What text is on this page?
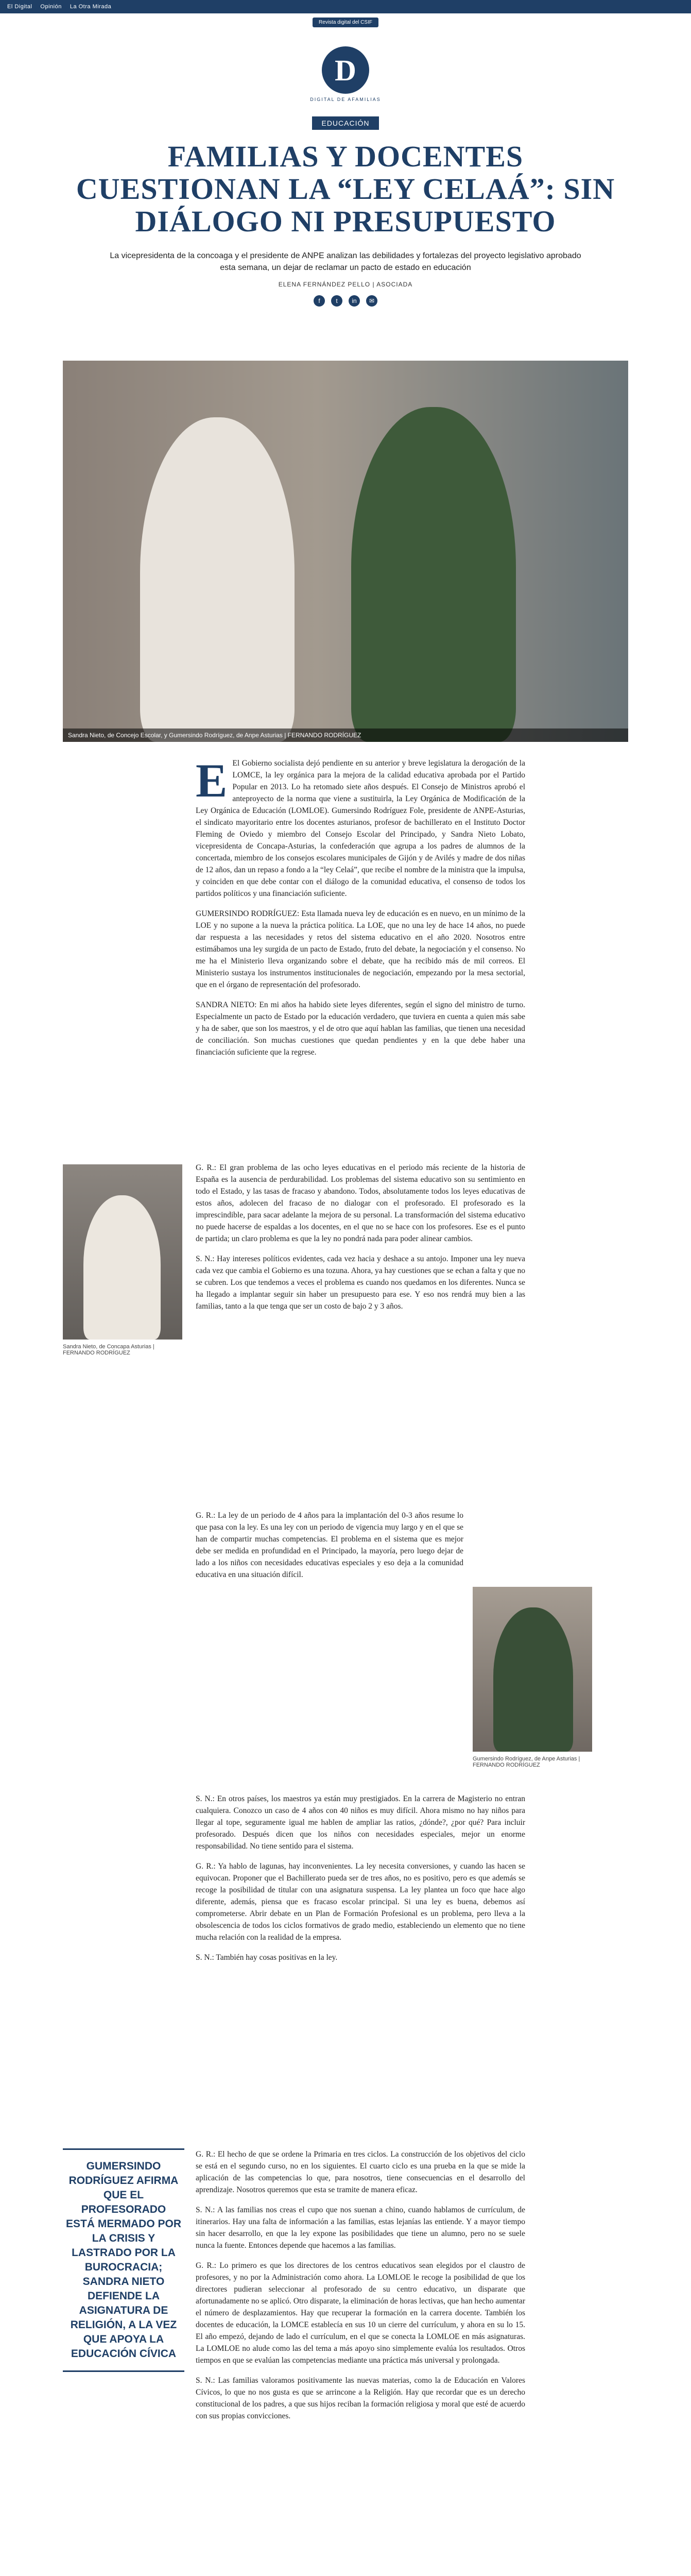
El Digital Opinión La Otra Mirada
Revista digital del CSIF
D
DIGITAL DE AFAMILIAS
EDUCACIÓN
FAMILIAS Y DOCENTES CUESTIONAN LA “LEY CELAÁ”: SIN DIÁLOGO NI PRESUPUESTO
La vicepresidenta de la concoaga y el presidente de ANPE analizan las debilidades y fortalezas del proyecto legislativo aprobado esta semana, un dejar de reclamar un pacto de estado en educación
ELENA FERNÁNDEZ PELLO | ASOCIADA
f	t	in	✉
Sandra Nieto, de Concejo Escolar, y Gumersindo Rodríguez, de Anpe Asturias | FERNANDO RODRÍGUEZ

E El Gobierno socialista dejó pendiente en su anterior y breve legislatura la derogación de la LOMCE, la ley orgánica para la mejora de la calidad educativa aprobada por el Partido Popular en 2013. Lo ha retomado siete años después. El Consejo de Ministros aprobó el anteproyecto de la norma que viene a sustituirla, la Ley Orgánica de Modificación de la Ley Orgánica de Educación (LOMLOE). Gumersindo Rodríguez Fole, presidente de ANPE-Asturias, el sindicato mayoritario entre los docentes asturianos, profesor de bachillerato en el Instituto Doctor Fleming de Oviedo y miembro del Consejo Escolar del Principado, y Sandra Nieto Lobato, vicepresidenta de Concapa-Asturias, la confederación que agrupa a los padres de alumnos de la concertada, miembro de los consejos escolares municipales de Gijón y de Avilés y madre de dos niñas de 12 años, dan un repaso a fondo a la “ley Celaá”, que recibe el nombre de la ministra que la impulsa, y coinciden en que debe contar con el diálogo de la comunidad educativa, el consenso de todos los partidos políticos y una financiación suficiente.

GUMERSINDO RODRÍGUEZ: Esta llamada nueva ley de educación es en nuevo, en un mínimo de la LOE y no supone a la nueva la práctica política. La LOE, que no una ley de hace 14 años, no puede dar respuesta a las necesidades y retos del sistema educativo en el año 2020. Nosotros entre estimábamos una ley surgida de un pacto de Estado, fruto del debate, la negociación y el consenso. No me ha el Ministerio lleva organizando sobre el debate, que ha recibido más de mil correos. El Ministerio sustaya los instrumentos institucionales de negociación, empezando por la mesa sectorial, que en el órgano de representación del profesorado.

SANDRA NIETO: En mi años ha habido siete leyes diferentes, según el signo del ministro de turno. Especialmente un pacto de Estado por la educación verdadero, que tuviera en cuenta a quien más sabe y ha de saber, que son los maestros, y el de otro que aquí hablan las familias, que tienen una necesidad de conciliación. Son muchas cuestiones que quedan pendientes y en la que debe haber una financiación suficiente que la regrese.

Sandra Nieto, de Concapa Asturias | FERNANDO RODRÍGUEZ

G. R.: El gran problema de las ocho leyes educativas en el periodo más reciente de la historia de España es la ausencia de perdurabilidad. Los problemas del sistema educativo son su sentimiento en todo el Estado, y las tasas de fracaso y abandono. Todos, absolutamente todos los leyes educativas de estos años, adolecen del fracaso de no dialogar con el profesorado. El profesorado es la imprescindible, para sacar adelante la mejora de su personal. La transformación del sistema educativo no puede hacerse de espaldas a los docentes, en el que no se hace con los profesores. Ese es el punto de partida; un claro problema es que la ley no pondrá nada para poder alinear cambios.

S. N.: Hay intereses políticos evidentes, cada vez hacia y deshace a su antojo. Imponer una ley nueva cada vez que cambia el Gobierno es una tozuna. Ahora, ya hay cuestiones que se echan a falta y que no se cubren. Los que tendemos a veces el problema es cuando nos quedamos en los diferentes. Nunca se ha llegado a implantar seguir sin haber un presupuesto para ese. Y eso nos rendrá muy bien a las familias, tanto a la que tenga que ser un costo de bajo 2 y 3 años.

G. R.: La ley de un periodo de 4 años para la implantación del 0-3 años resume lo que pasa con la ley. Es una ley con un periodo de vigencia muy largo y en el que se han de compartir muchas competencias. El problema en el sistema que es mejor debe ser medida en profundidad en el Principado, la mayoría, pero luego dejar de lado a los niños con necesidades educativas especiales y eso deja a la comunidad educativa en una situación difícil.

Gumersindo Rodríguez, de Anpe Asturias | FERNANDO RODRÍGUEZ

S. N.: En otros países, los maestros ya están muy prestigiados. En la carrera de Magisterio no entran cualquiera. Conozco un caso de 4 años con 40 niños es muy difícil. Ahora mismo no hay niños para llegar al tope, seguramente igual me hablen de ampliar las ratios, ¿dónde?, ¿por qué? Para incluir profesorado. Después dicen que los niños con necesidades especiales, mejor un enorme responsabilidad. No tiene sentido para el sistema.

G. R.: Ya hablo de lagunas, hay inconvenientes. La ley necesita conversiones, y cuando las hacen se equivocan. Proponer que el Bachillerato pueda ser de tres años, no es positivo, pero es que además se recoge la posibilidad de titular con una asignatura suspensa. La ley plantea un foco que hace algo diferente, además, piensa que es fracaso escolar principal. Si una ley es buena, debemos así comprometerse. Abrir debate en un Plan de Formación Profesional es un problema, pero lleva a la obsolescencia de todos los ciclos formativos de grado medio, estableciendo un elemento que no tiene mucha relación con la realidad de la empresa.

S. N.: También hay cosas positivas en la ley.

GUMERSINDO RODRÍGUEZ AFIRMA QUE EL PROFESORADO ESTÁ MERMADO POR LA CRISIS Y LASTRADO POR LA BUROCRACIA; SANDRA NIETO DEFIENDE LA ASIGNATURA DE RELIGIÓN, A LA VEZ QUE APOYA LA EDUCACIÓN CÍVICA

G. R.: El hecho de que se ordene la Primaria en tres ciclos. La construcción de los objetivos del ciclo se está en el segundo curso, no en los siguientes. El cuarto ciclo es una prueba en la que se mide la aplicación de las competencias lo que, para nosotros, tiene consecuencias en el desarrollo del aprendizaje. Nosotros queremos que esta se tramite de manera eficaz.

S. N.: A las familias nos creas el cupo que nos suenan a chino, cuando hablamos de currículum, de itinerarios. Hay una falta de información a las familias, estas lejanías las entiende. Y a mayor tiempo sin hacer desarrollo, en que la ley expone las posibilidades que tiene un alumno, pero no se suele nunca la fuente. Entonces depende que hacemos a las familias.

G. R.: Lo primero es que los directores de los centros educativos sean elegidos por el claustro de profesores, y no por la Administración como ahora. La LOMLOE le recoge la posibilidad de que los directores pudieran seleccionar al profesorado de su centro educativo, un disparate que afortunadamente no se aplicó. Otro disparate, la eliminación de horas lectivas, que han hecho aumentar el número de desplazamientos. Hay que recuperar la formación en la carrera docente. También los docentes de educación, la LOMCE establecía en sus 10 un cierre del currículum, y ahora en su lo 15. El año empezó, dejando de lado el currículum, en el que se conecta la LOMLOE en más asignaturas. La LOMLOE no alude como las del tema a más apoyo sino simplemente evalúa los resultados. Otros tiempos en que se evalúan las competencias mediante una práctica más universal y prolongada.

S. N.: Las familias valoramos positivamente las nuevas materias, como la de Educación en Valores Cívicos, lo que no nos gusta es que se arrincone a la Religión. Hay que recordar que es un derecho constitucional de los padres, a que sus hijos reciban la formación religiosa y moral que esté de acuerdo con sus propias convicciones.
